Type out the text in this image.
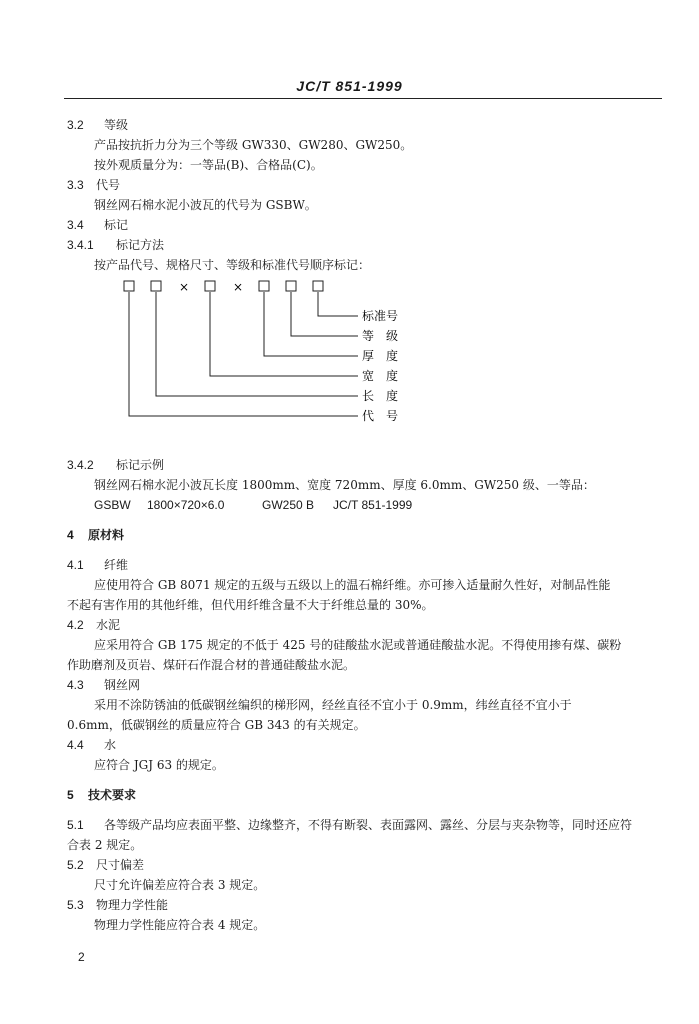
JC/T 851-1999
3.2 等级
产品按抗折力分为三个等级 GW330、GW280、GW250。
按外观质量分为：一等品(B)、合格品(C)。
3.3 代号
钢丝网石棉水泥小波瓦的代号为 GSBW。
3.4 标记
3.4.1 标记方法
按产品代号、规格尺寸、等级和标准代号顺序标记：
×	×
标准号
等　级
厚　度
宽　度
长　度
代　号
3.4.2 标记示例
钢丝网石棉水泥小波瓦长度 1800mm、宽度 720mm、厚度 6.0mm、GW250 级、一等品：
GSBW 1800×720×6.0	GW250 B JC/T 851-1999
4 原材料
4.1 纤维
应使用符合 GB 8071 规定的五级与五级以上的温石棉纤维。亦可掺入适量耐久性好，对制品性能
不起有害作用的其他纤维，但代用纤维含量不大于纤维总量的 30%。
4.2 水泥
应采用符合 GB 175 规定的不低于 425 号的硅酸盐水泥或普通硅酸盐水泥。不得使用掺有煤、碳粉
作助磨剂及页岩、煤矸石作混合材的普通硅酸盐水泥。
4.3 钢丝网
采用不涂防锈油的低碳钢丝编织的梯形网，经丝直径不宜小于 0.9mm，纬丝直径不宜小于
0.6mm，低碳钢丝的质量应符合 GB 343 的有关规定。
4.4 水
应符合 JGJ 63 的规定。
5 技术要求
5.1 各等级产品均应表面平整、边缘整齐，不得有断裂、表面露网、露丝、分层与夹杂物等，同时还应符
合表 2 规定。
5.2 尺寸偏差
尺寸允许偏差应符合表 3 规定。
5.3 物理力学性能
物理力学性能应符合表 4 规定。
2
